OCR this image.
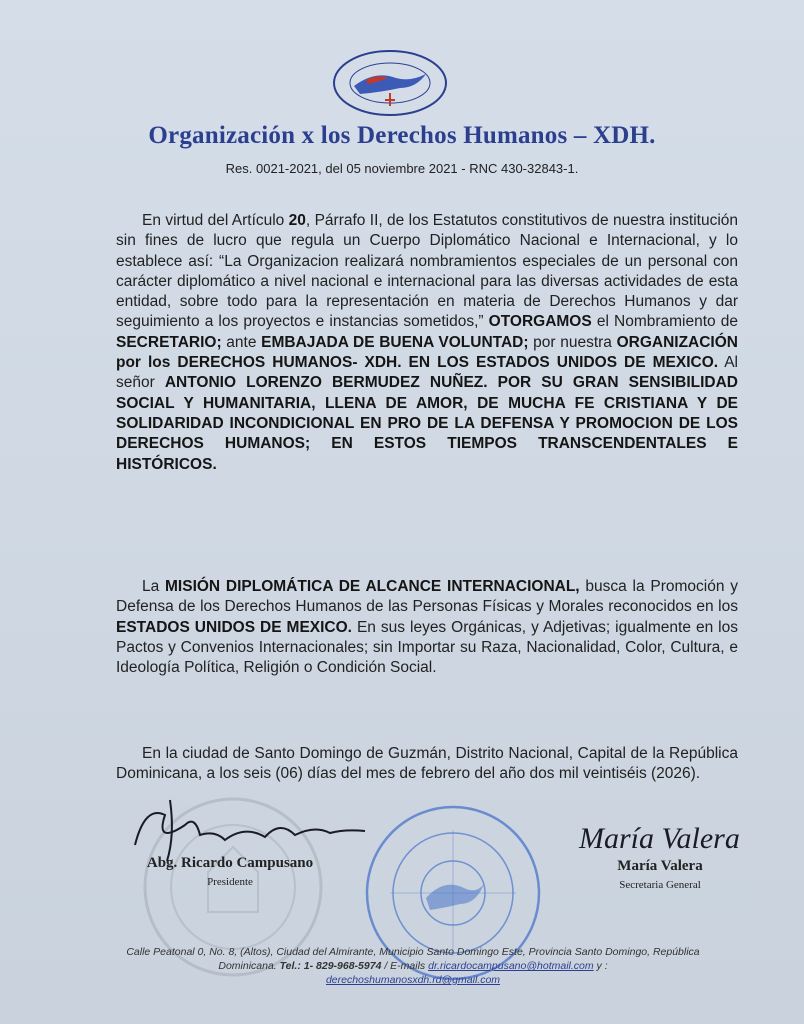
Organización x los Derechos Humanos – XDH.
Res. 0021-2021, del 05 noviembre 2021 - RNC 430-32843-1.
En virtud del Artículo 20, Párrafo II, de los Estatutos constitutivos de nuestra institución sin fines de lucro que regula un Cuerpo Diplomático Nacional e Internacional, y lo establece así: “La Organizacion realizará nombramientos especiales de un personal con carácter diplomático a nivel nacional e internacional para las diversas actividades de esta entidad, sobre todo para la representación en materia de Derechos Humanos y dar seguimiento a los proyectos e instancias sometidos,” OTORGAMOS el Nombramiento de SECRETARIO; ante EMBAJADA DE BUENA VOLUNTAD; por nuestra ORGANIZACIÓN por los DERECHOS HUMANOS- XDH. EN LOS ESTADOS UNIDOS DE MEXICO. Al señor ANTONIO LORENZO BERMUDEZ NUÑEZ. POR SU GRAN SENSIBILIDAD SOCIAL Y HUMANITARIA, LLENA DE AMOR, DE MUCHA FE CRISTIANA Y DE SOLIDARIDAD INCONDICIONAL EN PRO DE LA DEFENSA Y PROMOCION DE LOS DERECHOS HUMANOS; EN ESTOS TIEMPOS TRANSCENDENTALES E HISTÓRICOS.
La MISIÓN DIPLOMÁTICA DE ALCANCE INTERNACIONAL, busca la Promoción y Defensa de los Derechos Humanos de las Personas Físicas y Morales reconocidos en los ESTADOS UNIDOS DE MEXICO. En sus leyes Orgánicas, y Adjetivas; igualmente en los Pactos y Convenios Internacionales; sin Importar su Raza, Nacionalidad, Color, Cultura, e Ideología Política, Religión o Condición Social.
En la ciudad de Santo Domingo de Guzmán, Distrito Nacional, Capital de la República Dominicana, a los seis (06) días del mes de febrero del año dos mil veintiséis (2026).
María Valera
Abg. Ricardo Campusano
Presidente
María Valera
Secretaria General
Calle Peatonal 0, No. 8, (Altos), Ciudad del Almirante, Municipio Santo Domingo Este, Provincia Santo Domingo, República Dominicana. Tel.: 1- 829-968-5974 / E-mails dr.ricardocampusano@hotmail.com y :
derechoshumanosxdh.rd@gmail.com
